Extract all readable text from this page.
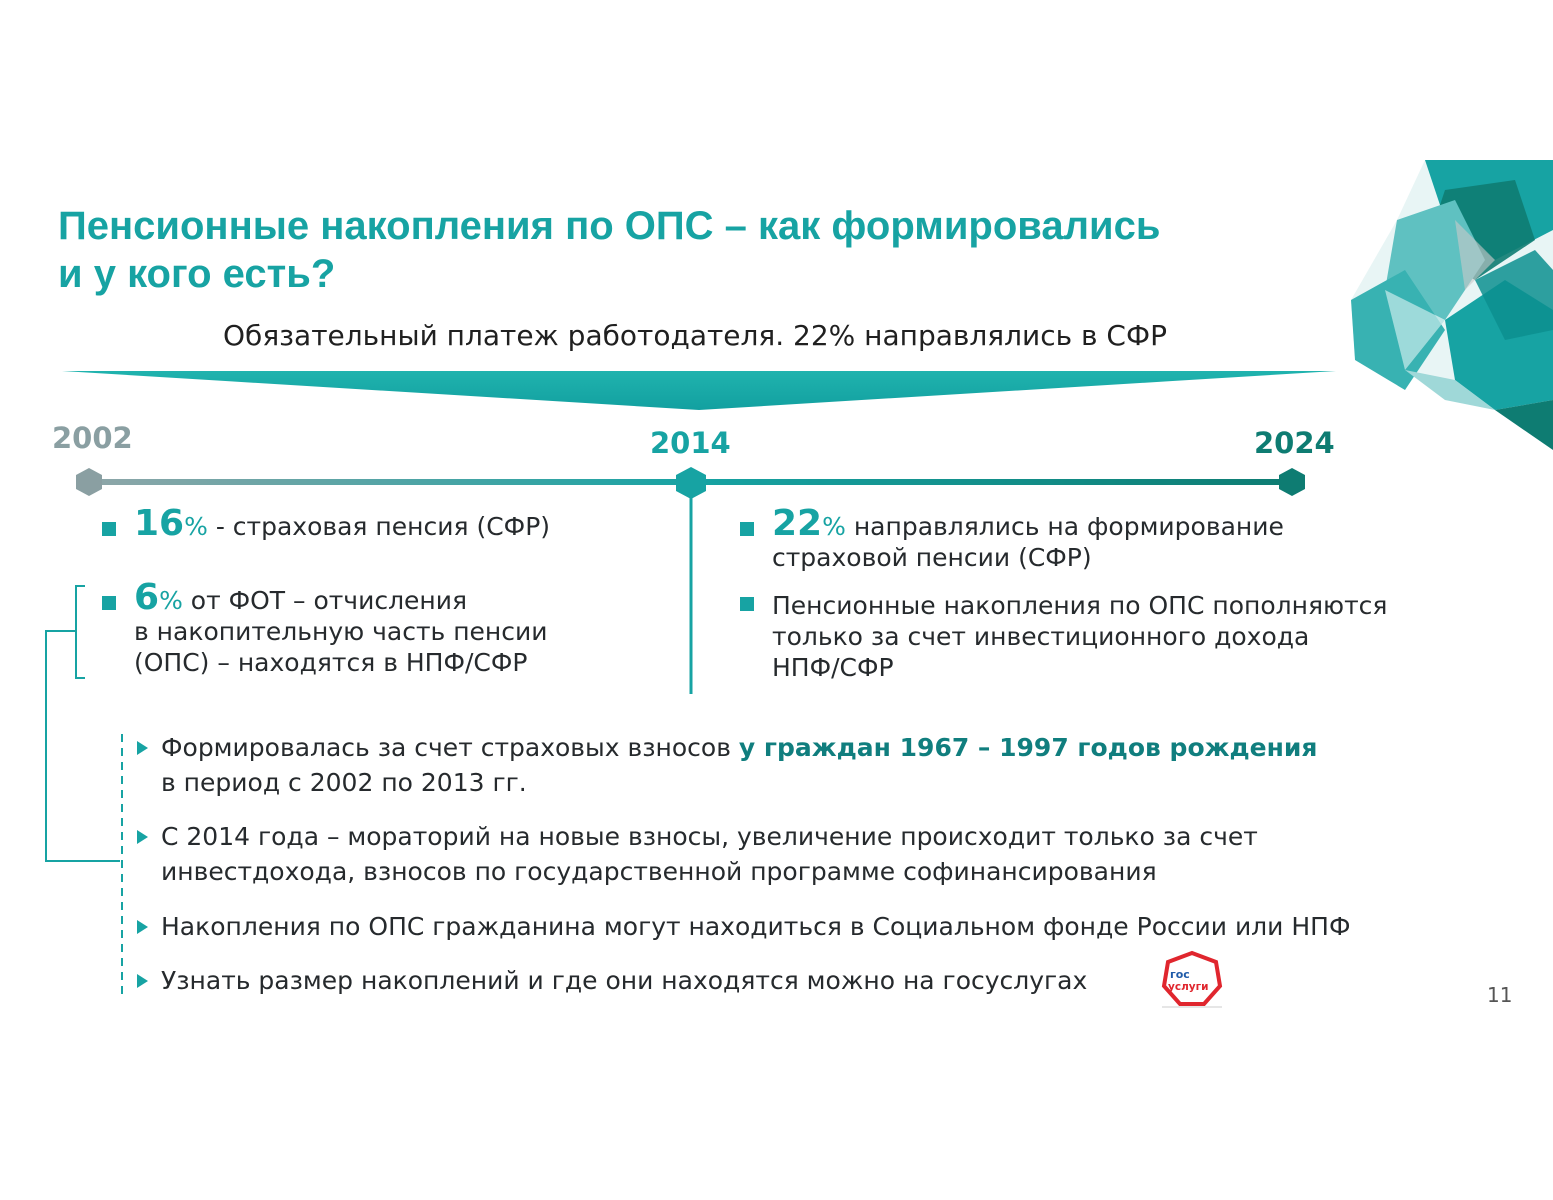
Пенсионные накопления по ОПС – как формировались
и у кого есть?
Обязательный платеж работодателя. 22% направлялись в СФР
2002	2014	2024
16% - страховая пенсия (СФР)
6% от ФОТ – отчисления
в накопительную часть пенсии
(ОПС) – находятся в НПФ/СФР
22% направлялись на формирование
страховой пенсии (СФР)
Пенсионные накопления по ОПС пополняются
только за счет инвестиционного дохода
НПФ/СФР
Формировалась за счет страховых взносов у граждан 1967 – 1997 годов рождения
в период с 2002 по 2013 гг.
С 2014 года – мораторий на новые взносы, увеличение происходит только за счет
инвестдохода, взносов по государственной программе софинансирования
Накопления по ОПС гражданина могут находиться в Социальном фонде России или НПФ
Узнать размер накоплений и где они находятся можно на госуслугах	гос
услуги	11
